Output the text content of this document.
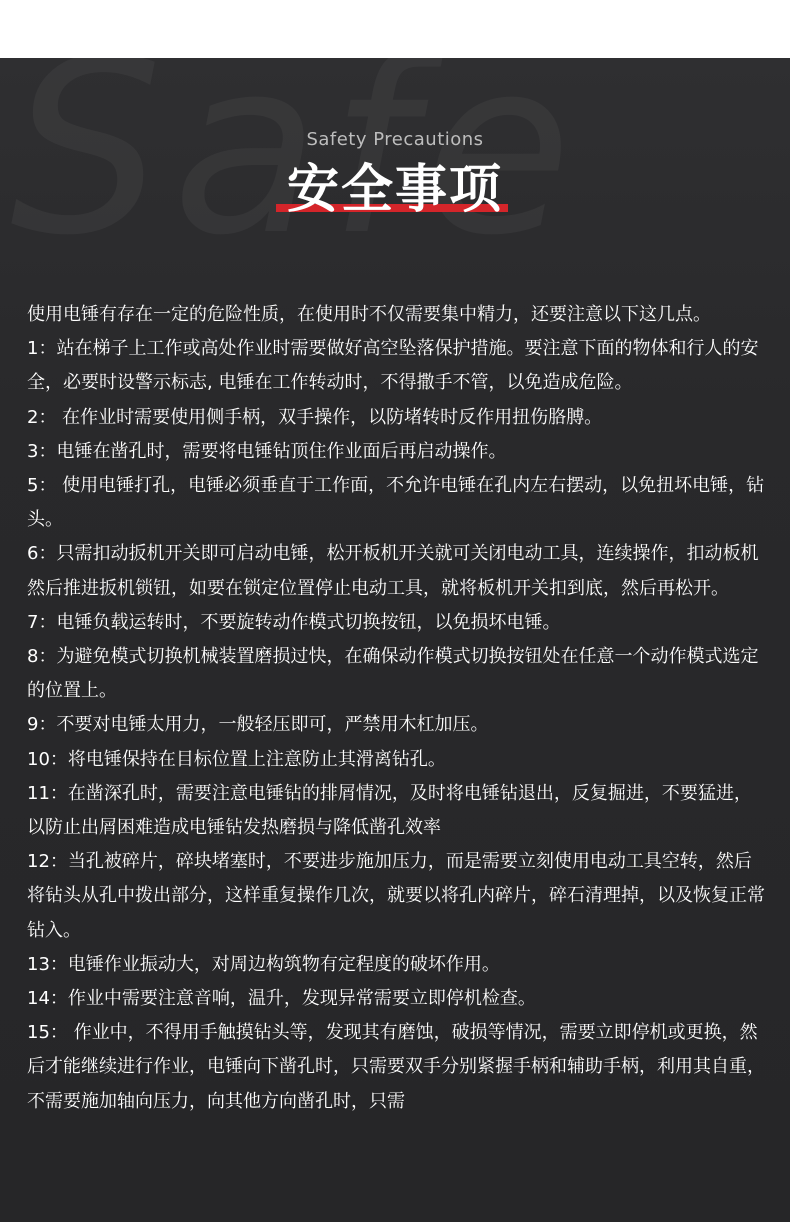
Safety Precautions
安全事项

使用电锤有存在一定的危险性质，在使用时不仅需要集中精力，还要注意以下这几点。

1：站在梯子上工作或高处作业时需要做好高空坠落保护措施。要注意下面的物体和行人的安全，必要时设警示标志, 电锤在工作转动时，不得撒手不管，以免造成危险。

2： 在作业时需要使用侧手柄，双手操作，以防堵转时反作用扭伤胳膊。

3：电锤在凿孔时，需要将电锤钻顶住作业面后再启动操作。

5： 使用电锤打孔，电锤必须垂直于工作面，不允许电锤在孔内左右摆动，以免扭坏电锤，钻头。

6：只需扣动扳机开关即可启动电锤，松开板机开关就可关闭电动工具，连续操作，扣动板机然后推进扳机锁钮，如要在锁定位置停止电动工具，就将板机开关扣到底，然后再松开。

7：电锤负载运转时，不要旋转动作模式切换按钮，以免损坏电锤。

8：为避免模式切换机械装置磨损过快，在确保动作模式切换按钮处在任意一个动作模式选定的位置上。

9：不要对电锤太用力，一般轻压即可，严禁用木杠加压。

10：将电锤保持在目标位置上注意防止其滑离钻孔。

11：在凿深孔时，需要注意电锤钻的排屑情况，及时将电锤钻退出，反复掘进，不要猛进，以防止出屑困难造成电锤钻发热磨损与降低凿孔效率

12：当孔被碎片，碎块堵塞时，不要进步施加压力，而是需要立刻使用电动工具空转，然后将钻头从孔中拨出部分，这样重复操作几次，就要以将孔内碎片，碎石清理掉，以及恢复正常钻入。

13：电锤作业振动大，对周边构筑物有定程度的破坏作用。

14：作业中需要注意音响，温升，发现异常需要立即停机检查。

15： 作业中，不得用手触摸钻头等，发现其有磨蚀，破损等情况，需要立即停机或更换，然后才能继续进行作业，电锤向下凿孔时，只需要双手分别紧握手柄和辅助手柄，利用其自重，不需要施加轴向压力，向其他方向凿孔时，只需
